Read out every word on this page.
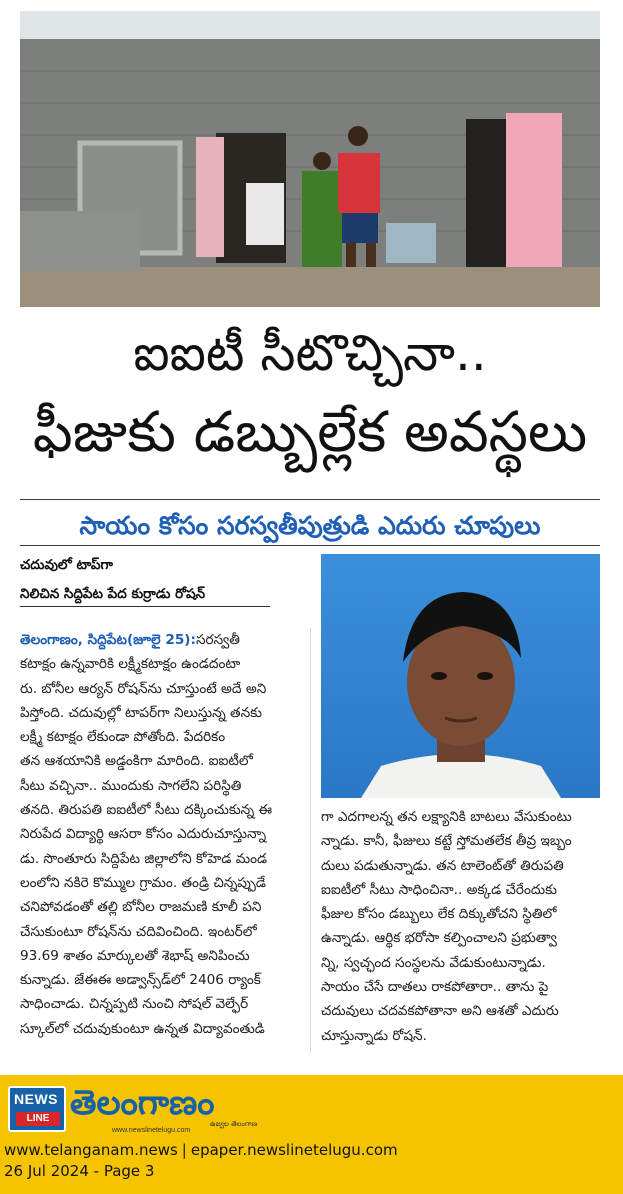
ఐఐటీ సీటొచ్చినా..
ఫీజుకు డబ్బుల్లేక అవస్థలు
సాయం కోసం సరస్వతీపుత్రుడి ఎదురు చూపులు
చదువులో టాప్‌గా
నిలిచిన సిద్దిపేట పేద కుర్రాడు రోషన్
తెలంగాణం, సిద్దిపేట(జూలై 25):సరస్వతీ
కటాక్షం ఉన్నవారికి లక్ష్మీకటాక్షం ఉండదంటా
రు. బోనీల ఆర్యన్ రోషన్‌ను చూస్తుంటే అదే అని
పిస్తోంది. చదువుల్లో టాపర్‌గా నిలుస్తున్న తనకు
లక్ష్మీ కటాక్షం లేకుండా పోతోంది. పేదరికం
తన ఆశయానికి అడ్డంకిగా మారింది. ఐఐటీలో
సీటు వచ్చినా.. ముందుకు సాగలేని పరిస్థితి
తనది. తిరుపతి ఐఐటీలో సీటు దక్కించుకున్న ఈ
నిరుపేద విద్యార్థి ఆసరా కోసం ఎదురుచూస్తున్నా
డు. సొంతూరు సిద్దిపేట జిల్లాలోని కోహెడ మండ
లంలోని నకిరె కొమ్ముల గ్రామం. తండ్రి చిన్నప్పుడే
చనిపోవడంతో తల్లి బోనీల రాజమణి కూలీ పని
చేసుకుంటూ రోషన్‌ను చదివించింది. ఇంటర్‌లో
93.69 శాతం మార్కులతో శెభాష్ అనిపించు
కున్నాడు. జేఈఈ అడ్వాన్స్‌డ్‌లో 2406 ర్యాంక్
సాధించాడు. చిన్నప్పటి నుంచి సోషల్ వెల్ఫేర్
స్కూల్‌లో చదువుకుంటూ ఉన్నత విద్యావంతుడి
గా ఎదగాలన్న తన లక్ష్యానికి బాటలు వేసుకుంటు
న్నాడు. కానీ, ఫీజులు కట్టే స్తోమతలేక తీవ్ర ఇబ్బం
దులు పడుతున్నాడు. తన టాలెంట్‌తో తిరుపతి
ఐఐటీలో సీటు సాధించినా.. అక్కడ చేరేందుకు
ఫీజుల కోసం డబ్బులు లేక దిక్కుతోచని స్థితిలో
ఉన్నాడు. ఆర్థిక భరోసా కల్పించాలని ప్రభుత్వా
న్ని, స్వచ్ఛంద సంస్థలను వేడుకుంటున్నాడు.
సాయం చేసే దాతలు రాకపోతారా.. తాను పై
చదువులు చదవకపోతానా అని ఆశతో ఎదురు
చూస్తున్నాడు రోషన్.
NEWS
LINE తెలంగాణం
www.newslinetelugu.com
ఉజ్వల తెలంగాణ
www.telanganam.news | epaper.newslinetelugu.com
26 Jul 2024 - Page 3
